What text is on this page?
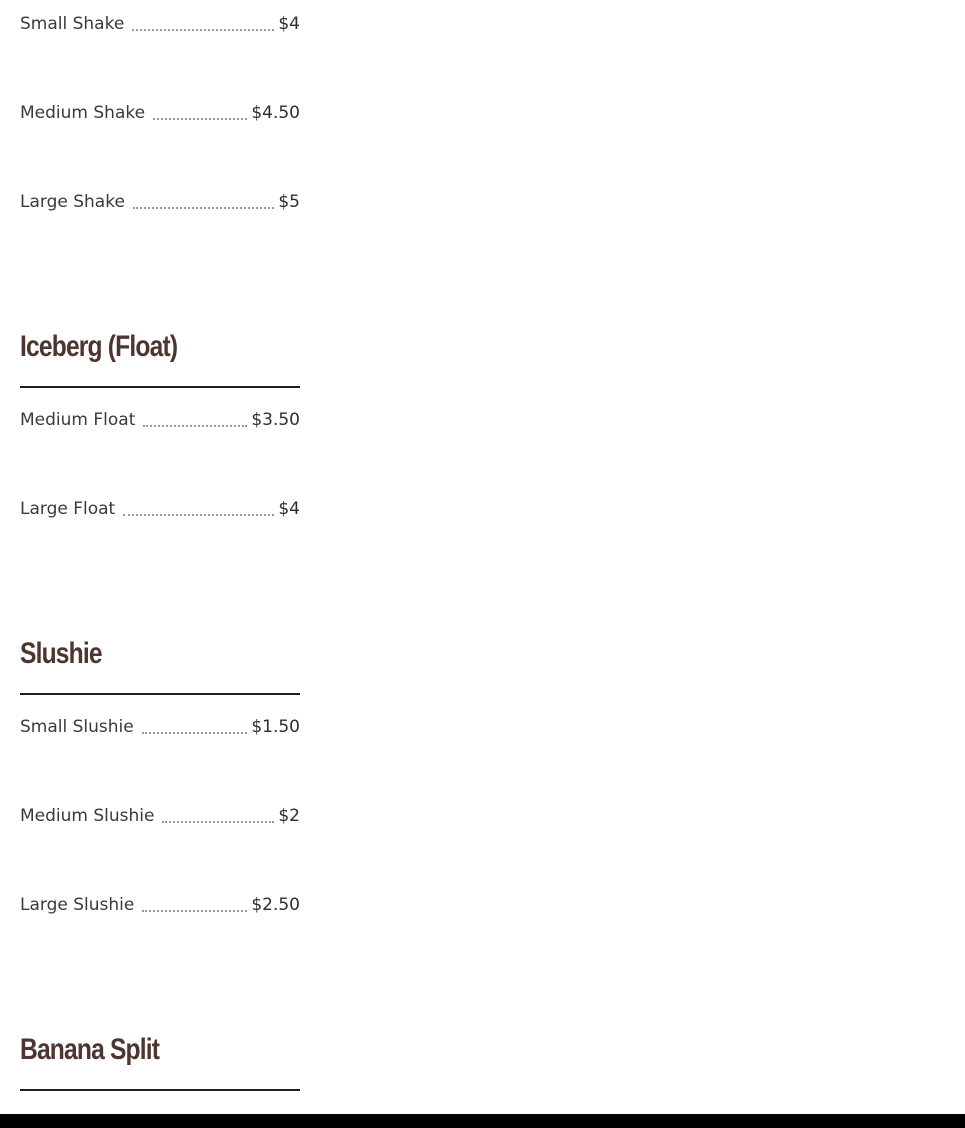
Small Shake	$4
Medium Shake	$4.50
Large Shake	$5
Iceberg (Float)
Medium Float	$3.50
Large Float	$4
Slushie
Small Slushie	$1.50
Medium Slushie	$2
Large Slushie	$2.50
Banana Split
